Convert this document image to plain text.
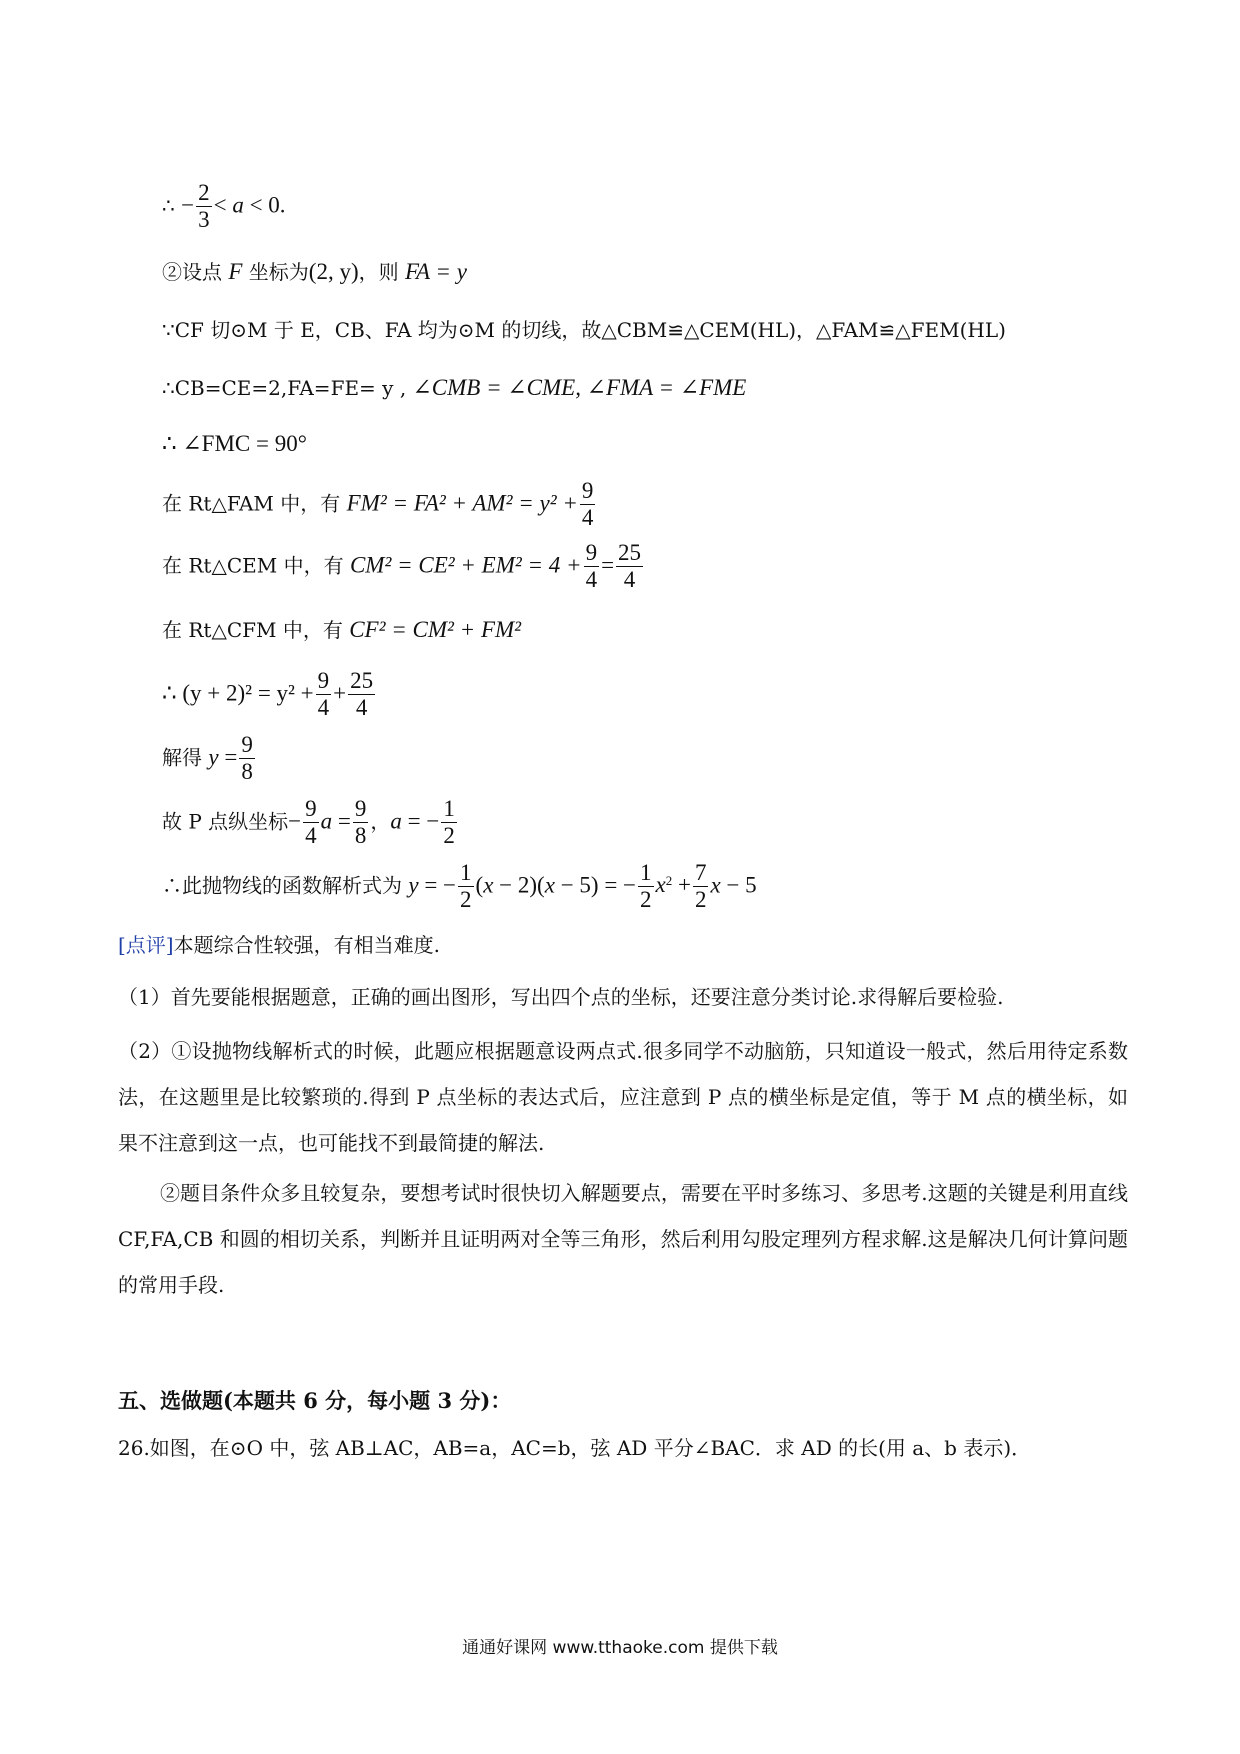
∴ − $\frac{2}{3} < a < 0$.
②设点 F 坐标为(2, y)，则 FA = y
∵CF 切⊙M 于 E，CB、FA 均为⊙M 的切线，故△CBM≌△CEM(HL)，△FAM≌△FEM(HL)
∴CB=CE=2,FA=FE= y , ∠CMB = ∠CME, ∠FMA = ∠FME
∴ ∠FMC = 90°
在 Rt△FAM 中，有 $FM^2 = FA^2 + AM^2 = y^2 + \frac{9}{4}$
在 Rt△CEM 中，有 $CM^2 = CE^2 + EM^2 = 4 + \frac{9}{4} = \frac{25}{4}$
在 Rt△CFM 中，有 CF² = CM² + FM²
∴ $(y + 2)^2 = y^2 + \frac{9}{4} + \frac{25}{4}$
解得 $y = \frac{9}{8}$
故 P 点纵坐标− $\frac{9}{4}$ $a = \frac{9}{8}$ ，a = − $\frac{1}{2}$
∴此抛物线的函数解析式为 y = − $\frac{1}{2} (x - 2)(x - 5)$ = − $\frac{1}{2} x^2 + \frac{7}{2}$ x − 5
[点评]本题综合性较强，有相当难度.
（1）首先要能根据题意，正确的画出图形，写出四个点的坐标，还要注意分类讨论.求得解后要检验.
（2）①设抛物线解析式的时候，此题应根据题意设两点式.很多同学不动脑筋，只知道设一般式，然后用待定系数法，在这题里是比较繁琐的.得到 P 点坐标的表达式后，应注意到 P 点的横坐标是定值，等于 M 点的横坐标，如果不注意到这一点，也可能找不到最简捷的解法.
②题目条件众多且较复杂，要想考试时很快切入解题要点，需要在平时多练习、多思考.这题的关键是利用直线 CF,FA,CB 和圆的相切关系，判断并且证明两对全等三角形，然后利用勾股定理列方程求解.这是解决几何计算问题的常用手段.
五、选做题(本题共 6 分，每小题 3 分)：
26.如图，在⊙O 中，弦 AB⊥AC，AB=a，AC=b，弦 AD 平分∠BAC．求 AD 的长(用 a、b 表示)．
通通好课网 www.tthaoke.com 提供下载
